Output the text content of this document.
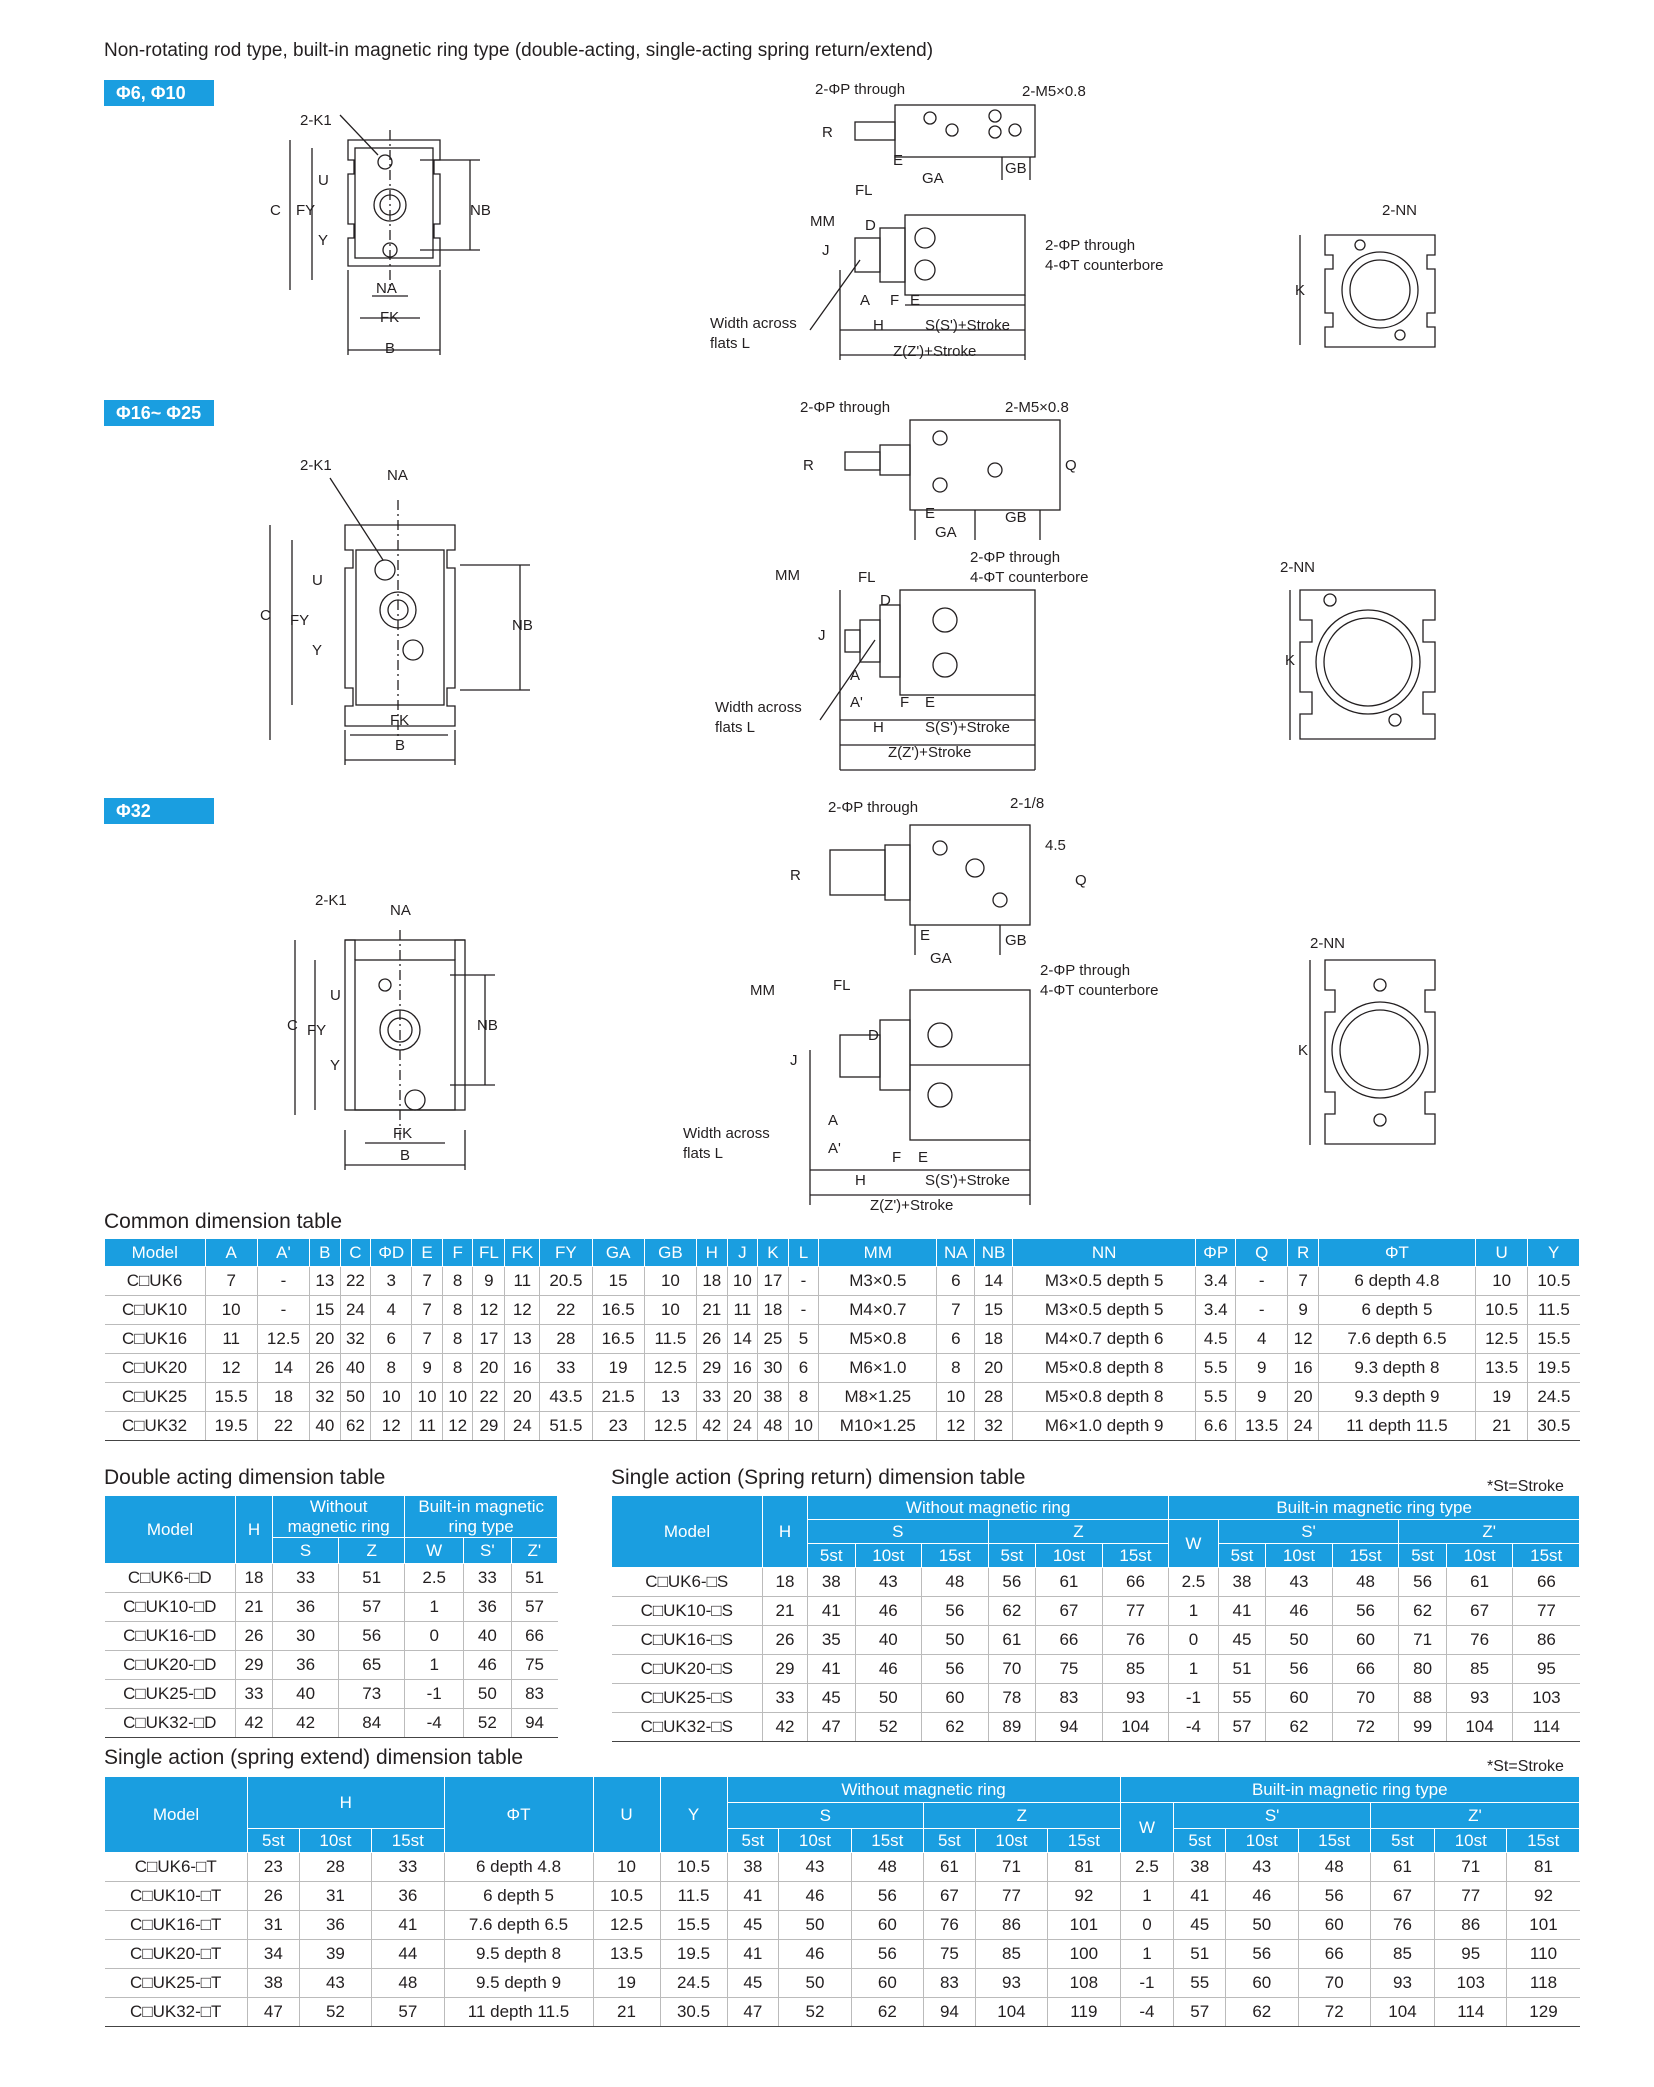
Non-rotating rod type, built-in magnetic ring type (double-acting, single-acting spring return/extend)
Φ6, Φ10
Φ16~ Φ25
Φ32
2-K1
NA
FK
B
C FY
U
Y
NB
2-ΦP through	2-M5×0.8
R
E
GA
GB
FL
MM D
J	2-ΦP through
4-ΦT counterbore
A F E
Width across
flats L
H	S(S')+Stroke
Z(Z')+Stroke
2-NN
K
2-K1
NA
FK
B
C FY
U
Y
NB
2-ΦP through	2-M5×0.8
R	Q
E
GA
GB
2-ΦP through
4-ΦT counterbore
MM	FL
D
J
A
A' F E
Width across
flats L	H	S(S')+Stroke
Z(Z')+Stroke
2-NN
K
2-K1
NA
FK
B
C FY
U
Y
NB
2-ΦP through	2-1/8
4.5
R	Q
E
GA
GB
2-ΦP through
4-ΦT counterbore
MM	FL
D
J
A
A'
F E
Width across
flats L
H	S(S')+Stroke
Z(Z')+Stroke
2-NN
K
Common dimension table
Model	A	A'	B	C	ΦD	E	F	FL	FK	FY	GA	GB	H	J	K	L	MM	NA	NB	NN	ΦP	Q	R	ΦT	U	Y
C□UK6	7	-	13	22	3	7	8	9	11	20.5	15	10	18	10	17	-	M3×0.5	6	14	M3×0.5 depth 5	3.4	-	7	6 depth 4.8	10	10.5
C□UK10	10	-	15	24	4	7	8	12	12	22	16.5	10	21	11	18	-	M4×0.7	7	15	M3×0.5 depth 5	3.4	-	9	6 depth 5	10.5	11.5
C□UK16	11	12.5	20	32	6	7	8	17	13	28	16.5	11.5	26	14	25	5	M5×0.8	6	18	M4×0.7 depth 6	4.5	4	12	7.6 depth 6.5	12.5	15.5
C□UK20	12	14	26	40	8	9	8	20	16	33	19	12.5	29	16	30	6	M6×1.0	8	20	M5×0.8 depth 8	5.5	9	16	9.3 depth 8	13.5	19.5
C□UK25	15.5	18	32	50	10	10	10	22	20	43.5	21.5	13	33	20	38	8	M8×1.25	10	28	M5×0.8 depth 8	5.5	9	20	9.3 depth 9	19	24.5
C□UK32	19.5	22	40	62	12	11	12	29	24	51.5	23	12.5	42	24	48	10	M10×1.25	12	32	M6×1.0 depth 9	6.6	13.5	24	11 depth 11.5	21	30.5
Double acting dimension table
Model	H	Without magnetic ring		Built-in magnetic ring type		
		S	Z	W	S'	Z'
C□UK6-□D	18	33	51	2.5	33	51
C□UK10-□D	21	36	57	1	36	57
C□UK16-□D	26	30	56	0	40	66
C□UK20-□D	29	36	65	1	46	75
C□UK25-□D	33	40	73	-1	50	83
C□UK32-□D	42	42	84	-4	52	94
Single action (Spring return) dimension table	*St=Stroke
Model	H	Without magnetic ring						Built-in magnetic ring type						
		S			Z			W	S'			Z'		
		5st	10st	15st	5st	10st	15st		5st	10st	15st	5st	10st	15st
C□UK6-□S	18	38	43	48	56	61	66	2.5	38	43	48	56	61	66
C□UK10-□S	21	41	46	56	62	67	77	1	41	46	56	62	67	77
C□UK16-□S	26	35	40	50	61	66	76	0	45	50	60	71	76	86
C□UK20-□S	29	41	46	56	70	75	85	1	51	56	66	80	85	95
C□UK25-□S	33	45	50	60	78	83	93	-1	55	60	70	88	93	103
C□UK32-□S	42	47	52	62	89	94	104	-4	57	62	72	99	104	114
Single action (spring extend) dimension table	*St=Stroke
Model	H			ΦT	U	Y	Without magnetic ring						Built-in magnetic ring type						
							S			Z			W	S'			Z'		
	5st	10st	15st				5st	10st	15st	5st	10st	15st		5st	10st	15st	5st	10st	15st
C□UK6-□T	23	28	33	6 depth 4.8	10	10.5	38	43	48	61	71	81	2.5	38	43	48	61	71	81
C□UK10-□T	26	31	36	6 depth 5	10.5	11.5	41	46	56	67	77	92	1	41	46	56	67	77	92
C□UK16-□T	31	36	41	7.6 depth 6.5	12.5	15.5	45	50	60	76	86	101	0	45	50	60	76	86	101
C□UK20-□T	34	39	44	9.5 depth 8	13.5	19.5	41	46	56	75	85	100	1	51	56	66	85	95	110
C□UK25-□T	38	43	48	9.5 depth 9	19	24.5	45	50	60	83	93	108	-1	55	60	70	93	103	118
C□UK32-□T	47	52	57	11 depth 11.5	21	30.5	47	52	62	94	104	119	-4	57	62	72	104	114	129
